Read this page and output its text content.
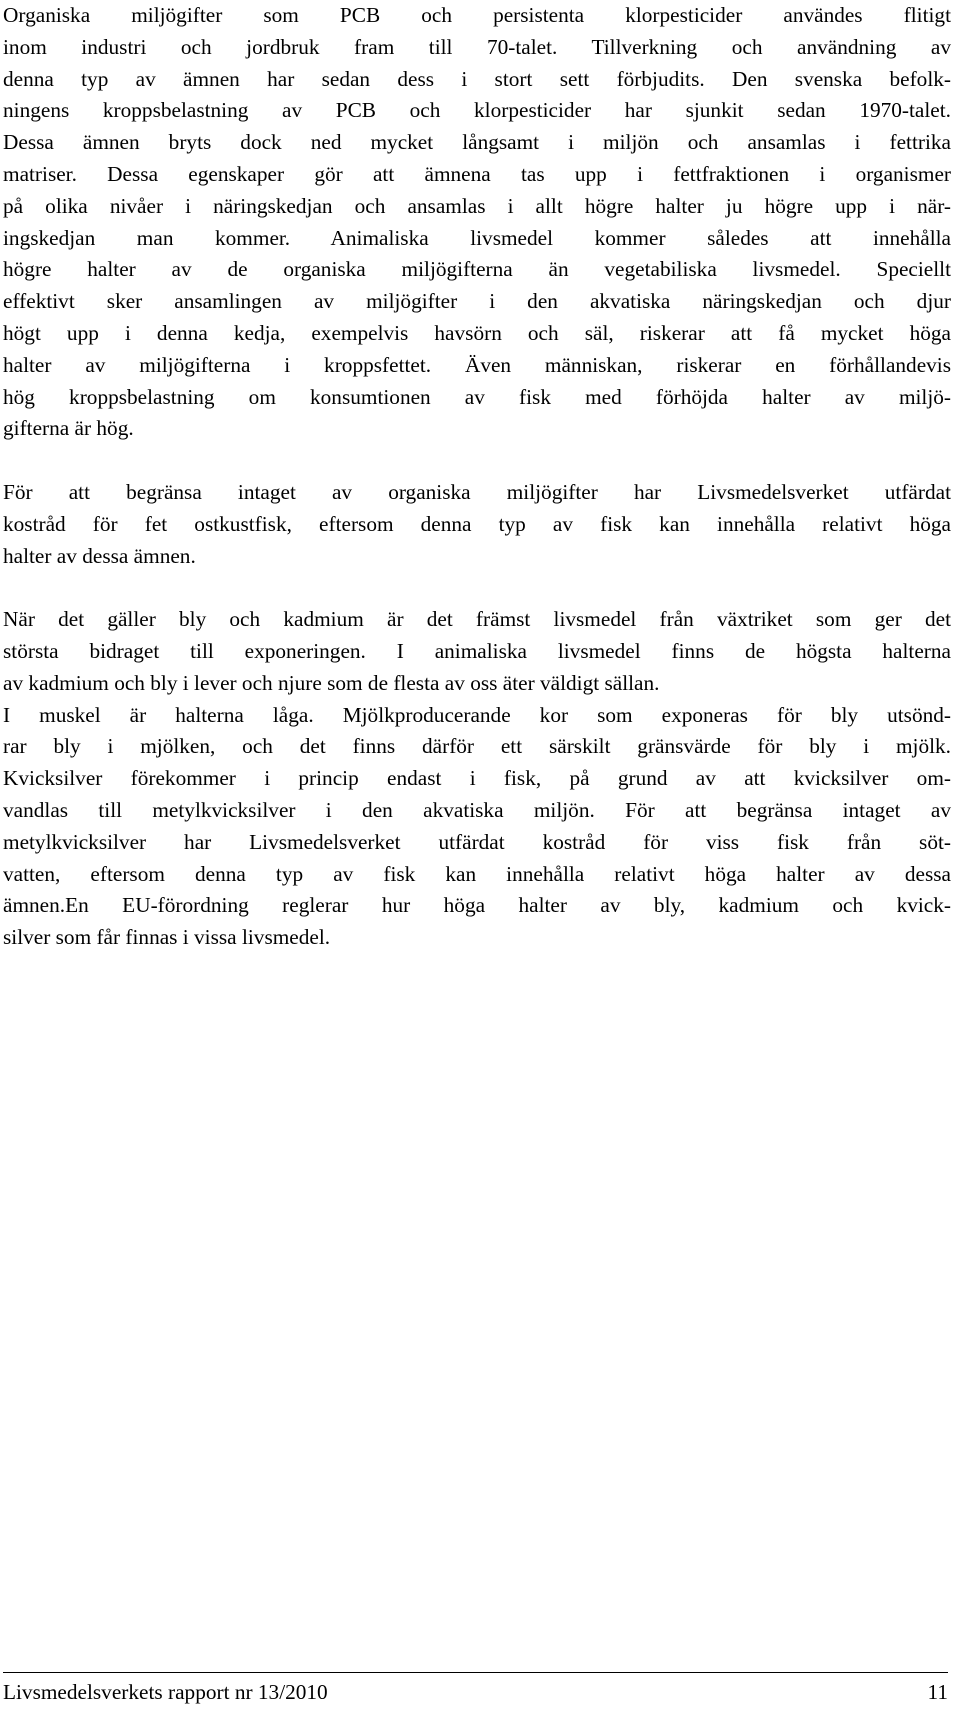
Organiska miljögifter som PCB och persistenta klorpesticider användes flitigt
inom industri och jordbruk fram till 70-talet. Tillverkning och användning av
denna typ av ämnen har sedan dess i stort sett förbjudits. Den svenska befolk-
ningens kroppsbelastning av PCB och klorpesticider har sjunkit sedan 1970-talet.
Dessa ämnen bryts dock ned mycket långsamt i miljön och ansamlas i fettrika
matriser. Dessa egenskaper gör att ämnena tas upp i fettfraktionen i organismer
på olika nivåer i näringskedjan och ansamlas i allt högre halter ju högre upp i när-
ingskedjan man kommer. Animaliska livsmedel kommer således att innehålla
högre halter av de organiska miljögifterna än vegetabiliska livsmedel. Speciellt
effektivt sker ansamlingen av miljögifter i den akvatiska näringskedjan och djur
högt upp i denna kedja, exempelvis havsörn och säl, riskerar att få mycket höga
halter av miljögifterna i kroppsfettet. Även människan, riskerar en förhållandevis
hög kroppsbelastning om konsumtionen av fisk med förhöjda halter av miljö-
gifterna är hög.

För att begränsa intaget av organiska miljögifter har Livsmedelsverket utfärdat
kostråd för fet ostkustfisk, eftersom denna typ av fisk kan innehålla relativt höga
halter av dessa ämnen.

När det gäller bly och kadmium är det främst livsmedel från växtriket som ger det
största bidraget till exponeringen. I animaliska livsmedel finns de högsta halterna
av kadmium och bly i lever och njure som de flesta av oss äter väldigt sällan.
I muskel är halterna låga. Mjölkproducerande kor som exponeras för bly utsönd-
rar bly i mjölken, och det finns därför ett särskilt gränsvärde för bly i mjölk.
Kvicksilver förekommer i princip endast i fisk, på grund av att kvicksilver om-
vandlas till metylkvicksilver i den akvatiska miljön. För att begränsa intaget av
metylkvicksilver har Livsmedelsverket utfärdat kostråd för viss fisk från söt-
vatten, eftersom denna typ av fisk kan innehålla relativt höga halter av dessa
ämnen.En EU-förordning reglerar hur höga halter av bly, kadmium och kvick-
silver som får finnas i vissa livsmedel.

Livsmedelsverkets rapport nr 13/2010	11
